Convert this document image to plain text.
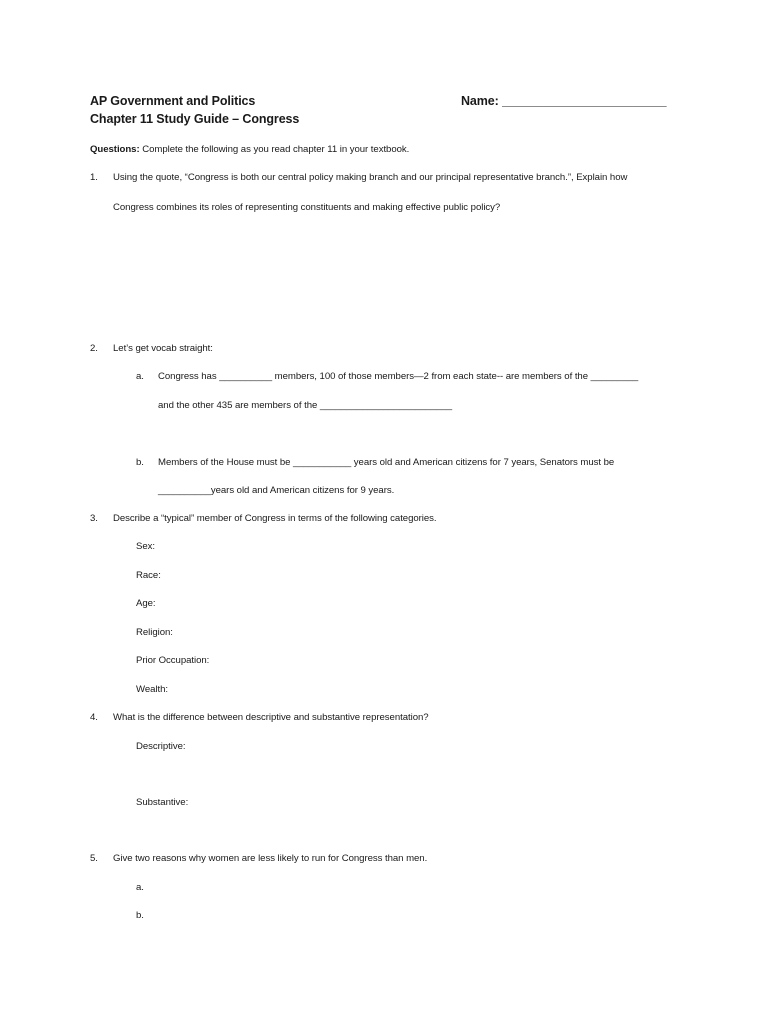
AP Government and Politics
Chapter 11 Study Guide – Congress
Name: ________________________
Questions: Complete the following as you read chapter 11 in your textbook.
1. Using the quote, “Congress is both our central policy making branch and our principal representative branch.”, Explain how
Congress combines its roles of representing constituents and making effective public policy?
2. Let’s get vocab straight:
a. Congress has __________ members, 100 of those members—2 from each state-- are members of the _________
and the other 435 are members of the _________________________
b. Members of the House must be ___________ years old and American citizens for 7 years, Senators must be
__________years old and American citizens for 9 years.
3. Describe a “typical” member of Congress in terms of the following categories.
Sex:
Race:
Age:
Religion:
Prior Occupation:
Wealth:
4. What is the difference between descriptive and substantive representation?
Descriptive:
Substantive:
5. Give two reasons why women are less likely to run for Congress than men.
a.
b.
